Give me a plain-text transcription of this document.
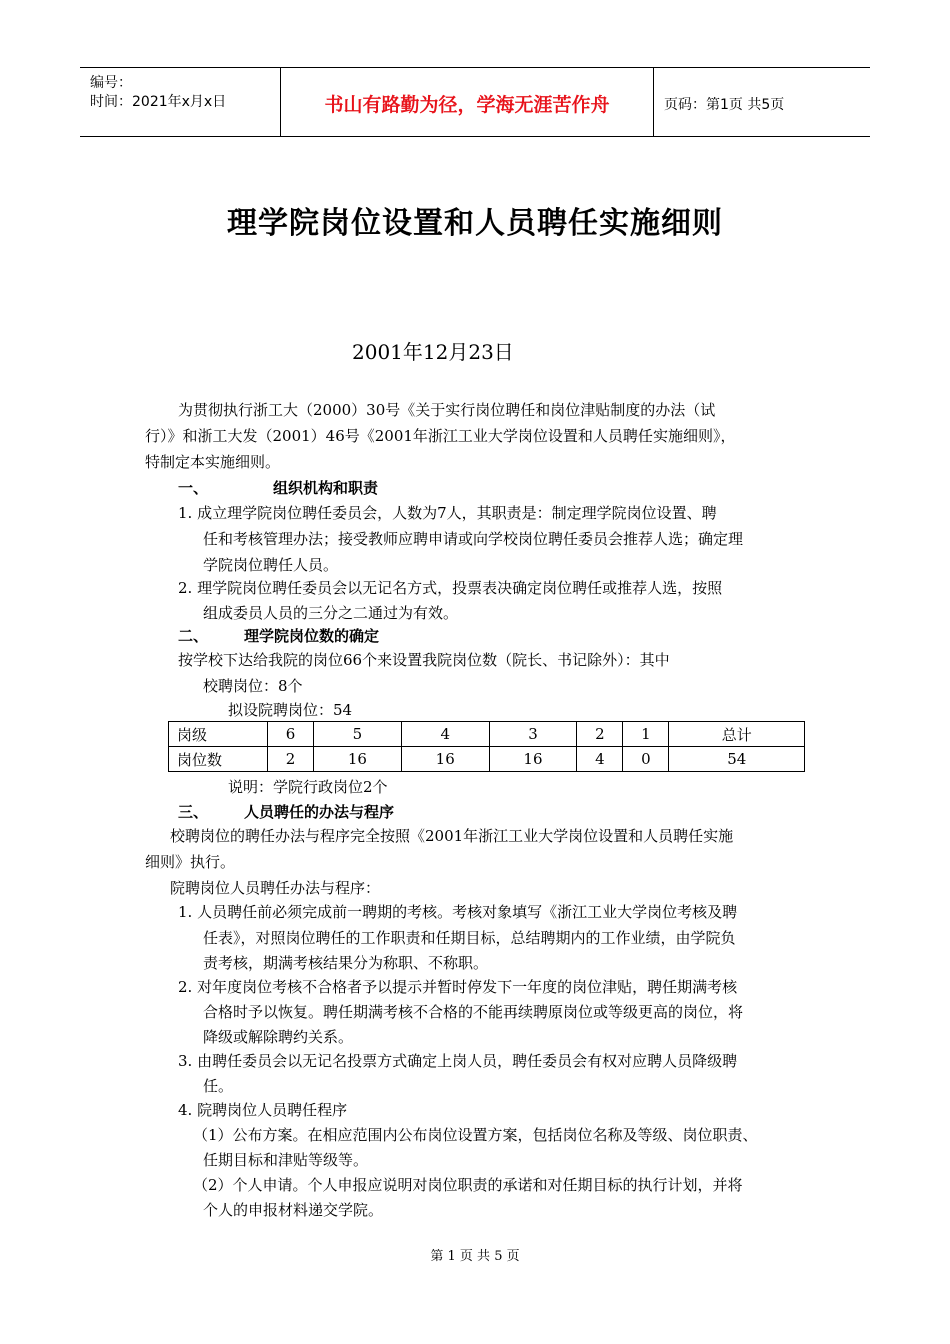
编号：
时间：2021年x月x日	书山有路勤为径，学海无涯苦作舟	页码：第1页 共5页
理学院岗位设置和人员聘任实施细则
2001年12月23日
为贯彻执行浙工大（2000）30号《关于实行岗位聘任和岗位津贴制度的办法（试
行）》和浙工大发（2001）46号《2001年浙江工业大学岗位设置和人员聘任实施细则》，
特制定本实施细则。
一、	组织机构和职责
1. 成立理学院岗位聘任委员会，人数为7人，其职责是：制定理学院岗位设置、聘
任和考核管理办法；接受教师应聘申请或向学校岗位聘任委员会推荐人选；确定理
学院岗位聘任人员。
2. 理学院岗位聘任委员会以无记名方式，投票表决确定岗位聘任或推荐人选，按照
组成委员人员的三分之二通过为有效。
二、 理学院岗位数的确定
按学校下达给我院的岗位66个来设置我院岗位数（院长、书记除外）：其中
校聘岗位：8个
拟设院聘岗位：54
岗级	6	5	4	3	2	1	总计
岗位数	2	16	16	16	4	0	54
说明：学院行政岗位2个
三、 人员聘任的办法与程序
校聘岗位的聘任办法与程序完全按照《2001年浙江工业大学岗位设置和人员聘任实施
细则》执行。
院聘岗位人员聘任办法与程序：
1. 人员聘任前必须完成前一聘期的考核。考核对象填写《浙江工业大学岗位考核及聘
任表》，对照岗位聘任的工作职责和任期目标，总结聘期内的工作业绩，由学院负
责考核，期满考核结果分为称职、不称职。
2. 对年度岗位考核不合格者予以提示并暂时停发下一年度的岗位津贴，聘任期满考核
合格时予以恢复。聘任期满考核不合格的不能再续聘原岗位或等级更高的岗位，将
降级或解除聘约关系。
3. 由聘任委员会以无记名投票方式确定上岗人员，聘任委员会有权对应聘人员降级聘
任。
4. 院聘岗位人员聘任程序
（1）公布方案。在相应范围内公布岗位设置方案，包括岗位名称及等级、岗位职责、
任期目标和津贴等级等。
（2）个人申请。个人申报应说明对岗位职责的承诺和对任期目标的执行计划，并将
个人的申报材料递交学院。
第 1 页 共 5 页
